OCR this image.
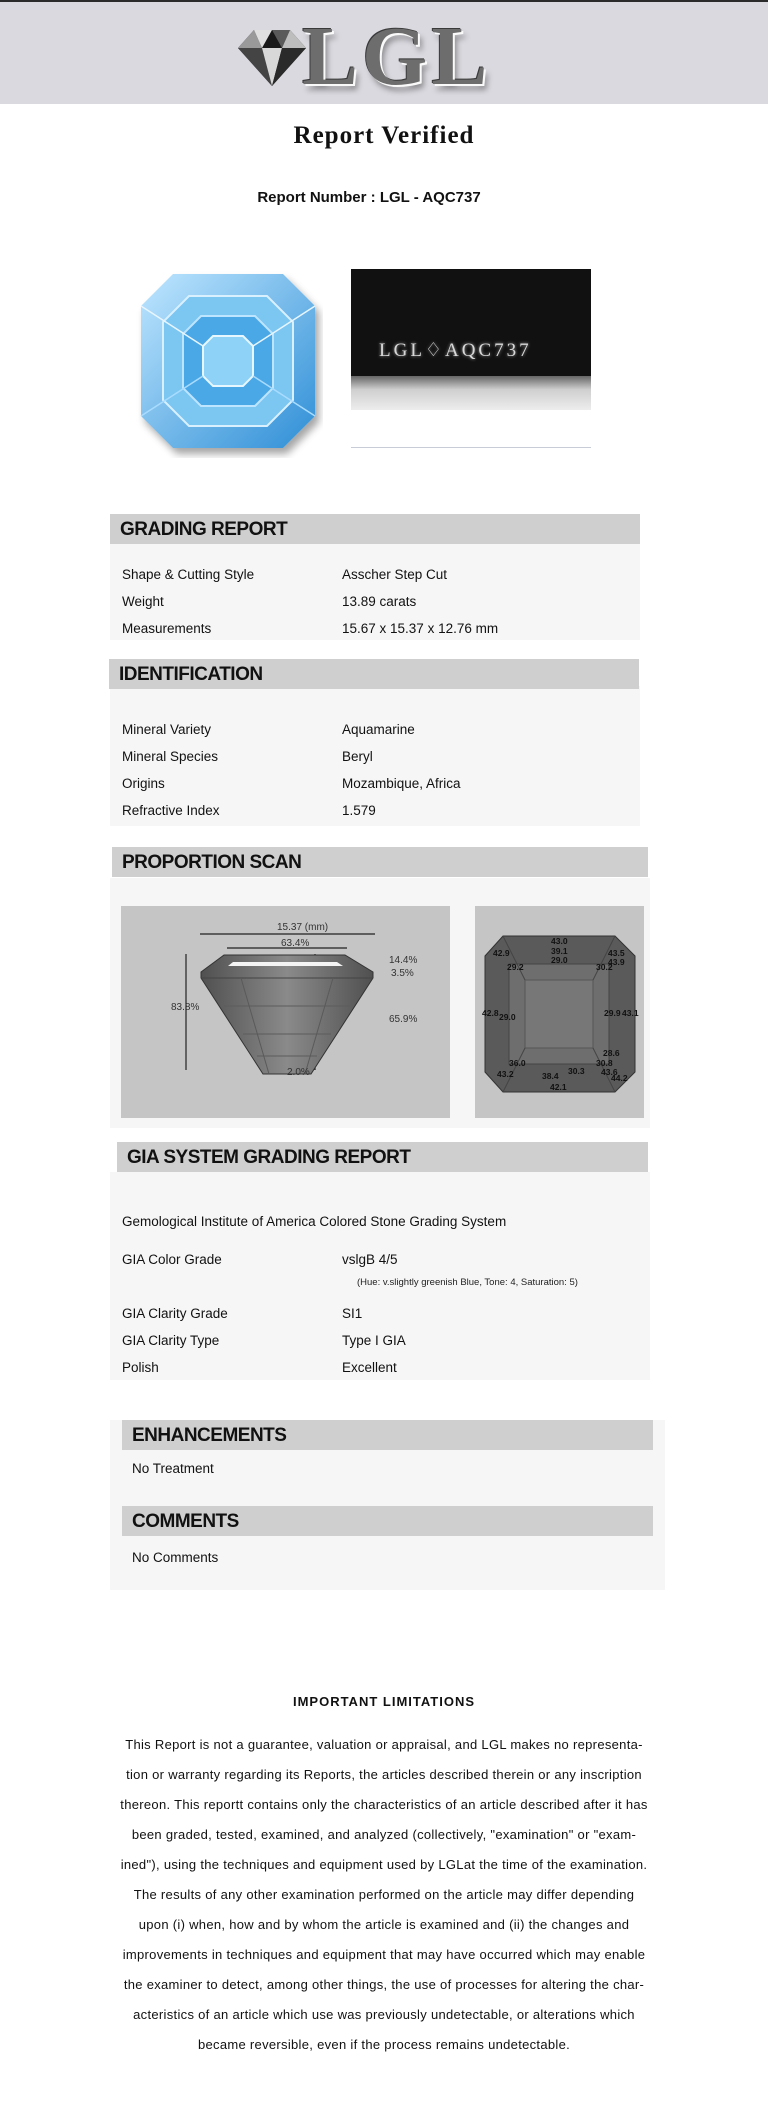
LGL
Report Verified
Report Number : LGL - AQC737
LGL♢AQC737
GRADING REPORT
Shape & Cutting Style	Asscher Step Cut
Weight	13.89 carats
Measurements	15.67 x 15.37 x 12.76 mm
IDENTIFICATION
Mineral Variety	Aquamarine
Mineral Species	Beryl
Origins	Mozambique, Africa
Refractive Index	1.579
PROPORTION SCAN
15.37 (mm)
63.4%
83.8%
14.4%
3.5%
65.9%
2.0%
43.0
43.5
42.9	39.1
29.0
30.2
29.2	43.9
42.8 29.0	29.9 43.1
28.6
30.8
36.0
43.6
44.2
43.2	38.4 30.3
42.1
GIA SYSTEM GRADING REPORT
Gemological Institute of America Colored Stone Grading System
GIA Color Grade	vslgB 4/5
(Hue: v.slightly greenish Blue, Tone: 4, Saturation: 5)
GIA Clarity Grade	SI1
GIA Clarity Type	Type I GIA
Polish	Excellent
ENHANCEMENTS
No Treatment
COMMENTS
No Comments
IMPORTANT LIMITATIONS
This Report is not a guarantee, valuation or appraisal, and LGL makes no representa-
tion or warranty regarding its Reports, the articles described therein or any inscription
thereon. This reportt contains only the characteristics of an article described after it has
been graded, tested, examined, and analyzed (collectively, "examination" or "exam-
ined"), using the techniques and equipment used by LGLat the time of the examination.
The results of any other examination performed on the article may differ depending
upon (i) when, how and by whom the article is examined and (ii) the changes and
improvements in techniques and equipment that may have occurred which may enable
the examiner to detect, among other things, the use of processes for altering the char-
acteristics of an article which use was previously undetectable, or alterations which
became reversible, even if the process remains undetectable.
